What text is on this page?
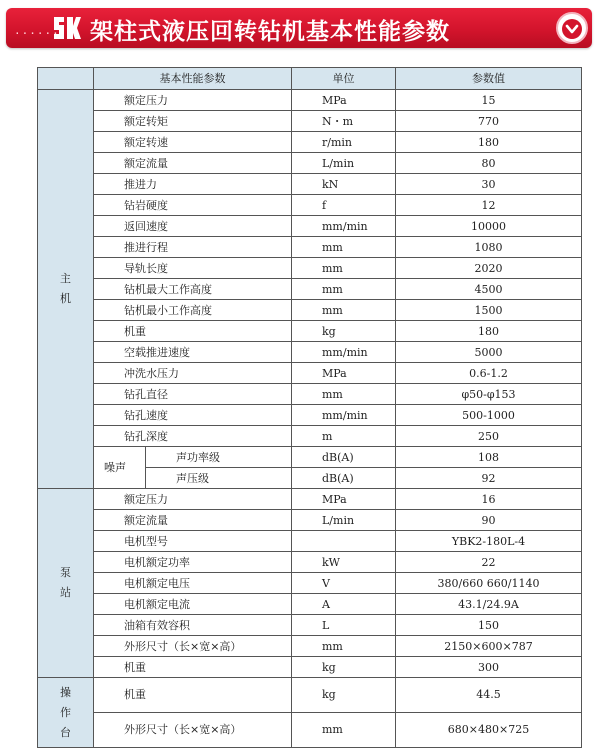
...... 架柱式液压回转钻机基本性能参数
	基本性能参数		单位	参数值

主
机	额定压力		MPa	15
	额定转矩		N・m	770
	额定转速		r/min	180
	额定流量		L/min	80
	推进力		kN	30
	钻岩硬度		f	12
	返回速度		mm/min	10000
	推进行程		mm	1080
	导轨长度		mm	2020
	钻机最大工作高度		mm	4500
	钻机最小工作高度		mm	1500
	机重		kg	180
	空载推进速度		mm/min	5000
	冲洗水压力		MPa	0.6-1.2
	钻孔直径		mm	φ50-φ153
	钻孔速度		mm/min	500-1000
	钻孔深度		m	250
	噪声	声功率级	dB(A)	108
		声压级	dB(A)	92

泵
站	额定压力		MPa	16
	额定流量		L/min	90
	电机型号			YBK2-180L-4
	电机额定功率		kW	22
	电机额定电压		V	380/660 660/1140
	电机额定电流		A	43.1/24.9A
	油箱有效容积		L	150
	外形尺寸（长×宽×高）		mm	2150×600×787
	机重		kg	300

操
作
台	机重		kg	44.5
	外形尺寸（长×宽×高）		mm	680×480×725
